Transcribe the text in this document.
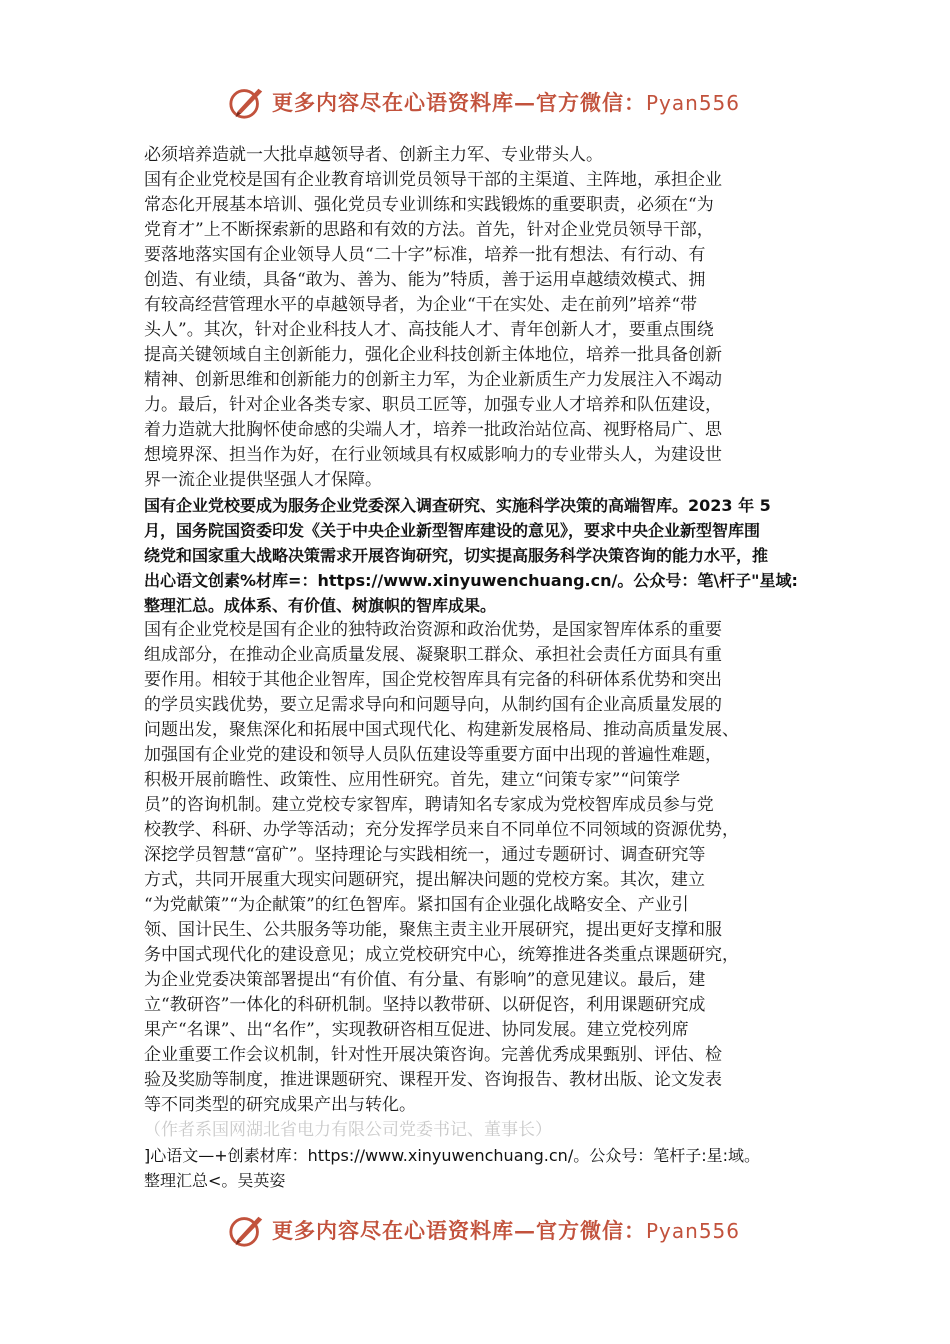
更多内容尽在心语资料库—官方微信：Pyan556
必须培养造就一大批卓越领导者、创新主力军、专业带头人。
国有企业党校是国有企业教育培训党员领导干部的主渠道、主阵地，承担企业
常态化开展基本培训、强化党员专业训练和实践锻炼的重要职责，必须在“为
党育才”上不断探索新的思路和有效的方法。首先，针对企业党员领导干部，
要落地落实国有企业领导人员“二十字”标准，培养一批有想法、有行动、有
创造、有业绩，具备“敢为、善为、能为”特质，善于运用卓越绩效模式、拥
有较高经营管理水平的卓越领导者，为企业“干在实处、走在前列”培养“带
头人”。其次，针对企业科技人才、高技能人才、青年创新人才，要重点围绕
提高关键领域自主创新能力，强化企业科技创新主体地位，培养一批具备创新
精神、创新思维和创新能力的创新主力军，为企业新质生产力发展注入不竭动
力。最后，针对企业各类专家、职员工匠等，加强专业人才培养和队伍建设，
着力造就大批胸怀使命感的尖端人才，培养一批政治站位高、视野格局广、思
想境界深、担当作为好，在行业领域具有权威影响力的专业带头人，为建设世
界一流企业提供坚强人才保障。
国有企业党校要成为服务企业党委深入调查研究、实施科学决策的高端智库。2023 年 5
月，国务院国资委印发《关于中央企业新型智库建设的意见》，要求中央企业新型智库围
绕党和国家重大战略决策需求开展咨询研究，切实提高服务科学决策咨询的能力水平，推
出心语文创素%材库=：https://www.xinyuwenchuang.cn/。公众号：笔\杆子"星域:
整理汇总。成体系、有价值、树旗帜的智库成果。
国有企业党校是国有企业的独特政治资源和政治优势，是国家智库体系的重要
组成部分，在推动企业高质量发展、凝聚职工群众、承担社会责任方面具有重
要作用。相较于其他企业智库，国企党校智库具有完备的科研体系优势和突出
的学员实践优势，要立足需求导向和问题导向，从制约国有企业高质量发展的
问题出发，聚焦深化和拓展中国式现代化、构建新发展格局、推动高质量发展、
加强国有企业党的建设和领导人员队伍建设等重要方面中出现的普遍性难题，
积极开展前瞻性、政策性、应用性研究。首先，建立“问策专家”“问策学
员”的咨询机制。建立党校专家智库，聘请知名专家成为党校智库成员参与党
校教学、科研、办学等活动；充分发挥学员来自不同单位不同领域的资源优势，
深挖学员智慧“富矿”。坚持理论与实践相统一，通过专题研讨、调查研究等
方式，共同开展重大现实问题研究，提出解决问题的党校方案。其次，建立
“为党献策”“为企献策”的红色智库。紧扣国有企业强化战略安全、产业引
领、国计民生、公共服务等功能，聚焦主责主业开展研究，提出更好支撑和服
务中国式现代化的建设意见；成立党校研究中心，统筹推进各类重点课题研究，
为企业党委决策部署提出“有价值、有分量、有影响”的意见建议。最后，建
立“教研咨”一体化的科研机制。坚持以教带研、以研促咨，利用课题研究成
果产“名课”、出“名作”，实现教研咨相互促进、协同发展。建立党校列席
企业重要工作会议机制，针对性开展决策咨询。完善优秀成果甄别、评估、检
验及奖励等制度，推进课题研究、课程开发、咨询报告、教材出版、论文发表
等不同类型的研究成果产出与转化。
（作者系国网湖北省电力有限公司党委书记、董事长）
]心语文—+创素材库：https://www.xinyuwenchuang.cn/。公众号：笔杆子:星:域。
整理汇总<。吴英姿
更多内容尽在心语资料库—官方微信：Pyan556
